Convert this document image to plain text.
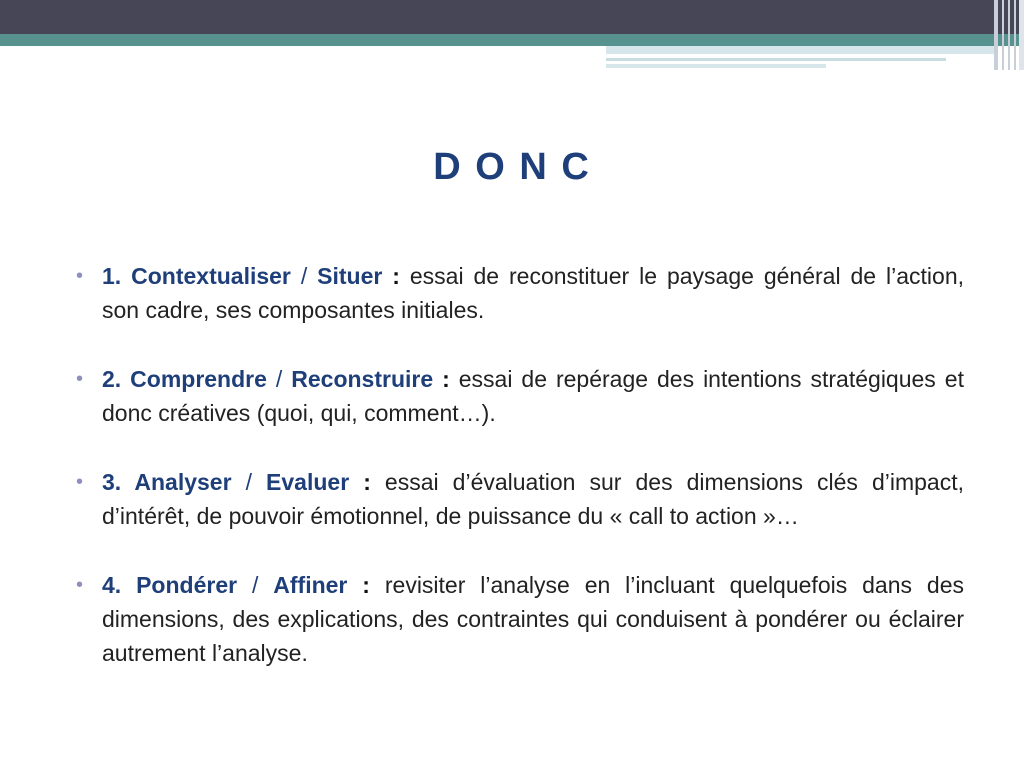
D O N C
• 1. Contextualiser / Situer : essai de reconstituer le paysage général de l’action, son cadre, ses composantes initiales.
• 2. Comprendre / Reconstruire : essai de repérage des intentions stratégiques et donc créatives (quoi, qui, comment…).
• 3. Analyser / Evaluer : essai d’évaluation sur des dimensions clés d’impact, d’intérêt, de pouvoir émotionnel, de puissance du « call to action »…
• 4. Pondérer / Affiner : revisiter l’analyse en l’incluant quelquefois dans des dimensions, des explications, des contraintes qui conduisent à pondérer ou éclairer autrement l’analyse.
